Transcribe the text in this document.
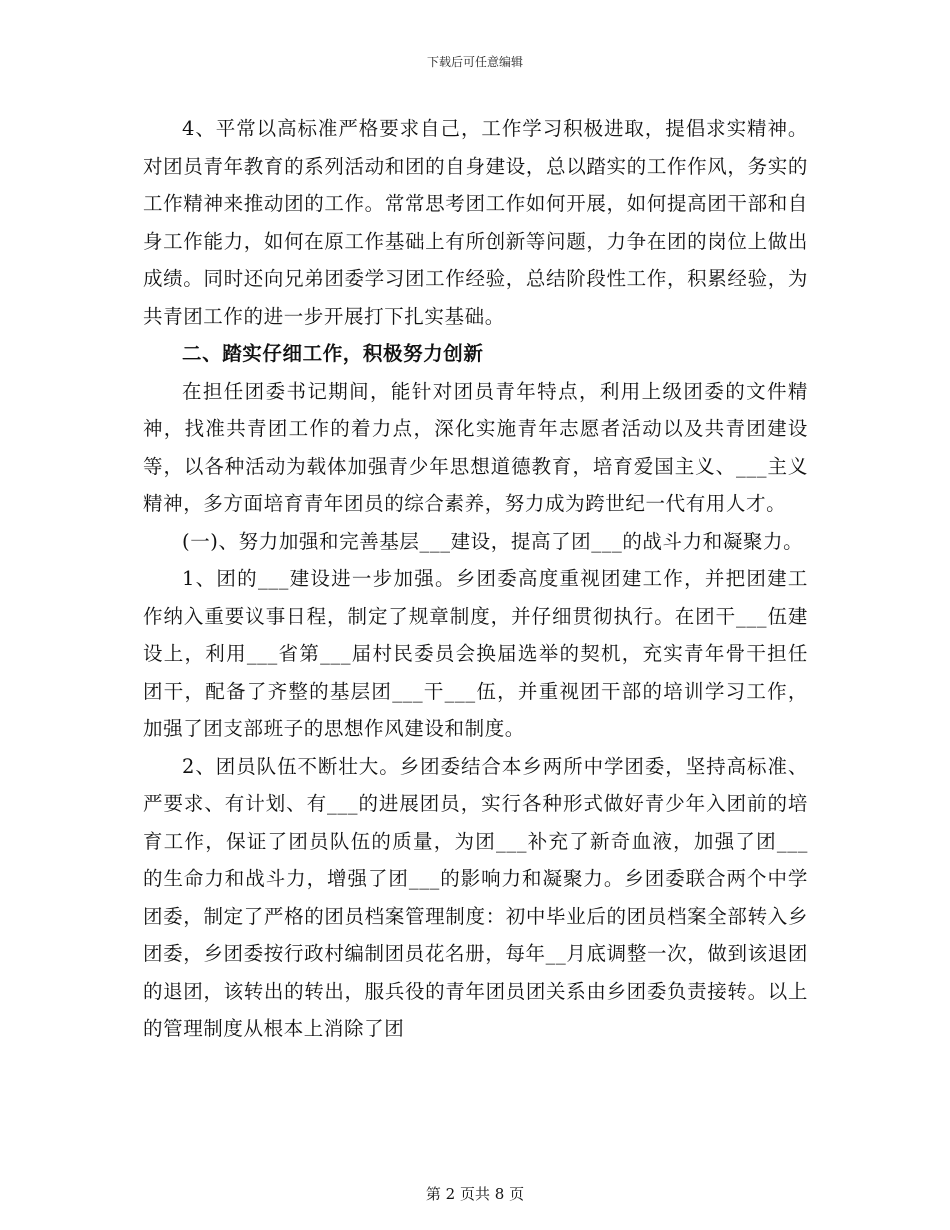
下载后可任意编辑

4、平常以高标准严格要求自己，工作学习积极进取，提倡求实精神。对团员青年教育的系列活动和团的自身建设，总以踏实的工作作风，务实的工作精神来推动团的工作。常常思考团工作如何开展，如何提高团干部和自身工作能力，如何在原工作基础上有所创新等问题，力争在团的岗位上做出成绩。同时还向兄弟团委学习团工作经验，总结阶段性工作，积累经验，为共青团工作的进一步开展打下扎实基础。

二、踏实仔细工作，积极努力创新

在担任团委书记期间，能针对团员青年特点，利用上级团委的文件精神，找准共青团工作的着力点，深化实施青年志愿者活动以及共青团建设等，以各种活动为载体加强青少年思想道德教育，培育爱国主义、___主义精神，多方面培育青年团员的综合素养，努力成为跨世纪一代有用人才。

(一)、努力加强和完善基层___建设，提高了团___的战斗力和凝聚力。

1、团的___建设进一步加强。乡团委高度重视团建工作，并把团建工作纳入重要议事日程，制定了规章制度，并仔细贯彻执行。在团干___伍建设上，利用___省第___届村民委员会换届选举的契机，充实青年骨干担任团干，配备了齐整的基层团___干___伍，并重视团干部的培训学习工作，加强了团支部班子的思想作风建设和制度。

2、团员队伍不断壮大。乡团委结合本乡两所中学团委，坚持高标准、严要求、有计划、有___的进展团员，实行各种形式做好青少年入团前的培育工作，保证了团员队伍的质量，为团___补充了新奇血液，加强了团___的生命力和战斗力，增强了团___的影响力和凝聚力。乡团委联合两个中学团委，制定了严格的团员档案管理制度：初中毕业后的团员档案全部转入乡团委，乡团委按行政村编制团员花名册，每年__月底调整一次，做到该退团的退团，该转出的转出，服兵役的青年团员团关系由乡团委负责接转。以上的管理制度从根本上消除了团

第 2 页共 8 页
